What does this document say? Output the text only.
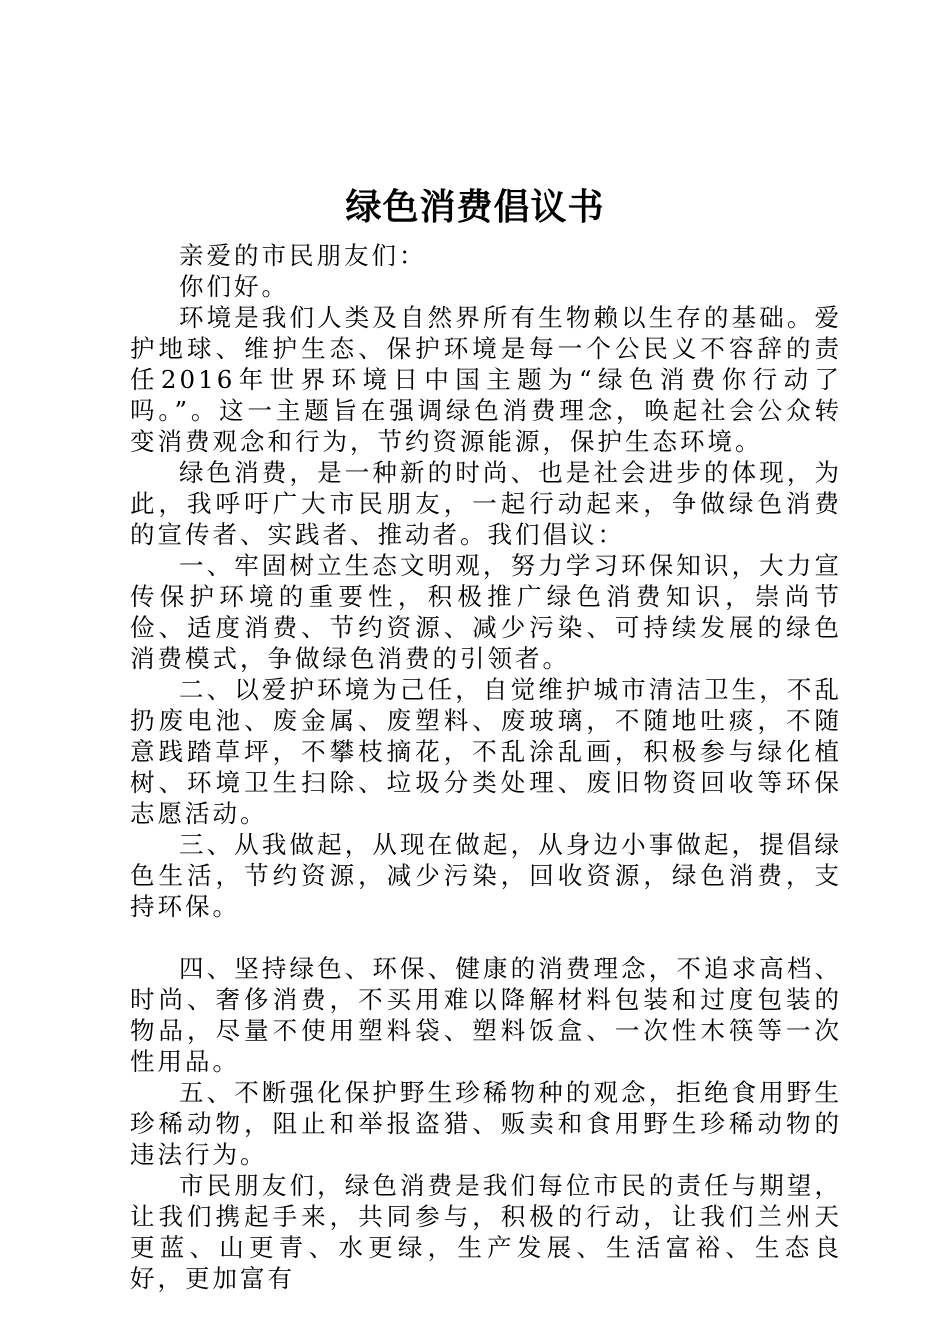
绿色消费倡议书

亲爱的市民朋友们：

你们好。

环境是我们人类及自然界所有生物赖以生存的基础。爱护地球、维护生态、保护环境是每一个公民义不容辞的责任2016年世界环境日中国主题为“绿色消费你行动了吗。”。这一主题旨在强调绿色消费理念，唤起社会公众转变消费观念和行为，节约资源能源，保护生态环境。

绿色消费，是一种新的时尚、也是社会进步的体现，为此，我呼吁广大市民朋友，一起行动起来，争做绿色消费的宣传者、实践者、推动者。我们倡议：

一、牢固树立生态文明观，努力学习环保知识，大力宣传保护环境的重要性，积极推广绿色消费知识，崇尚节俭、适度消费、节约资源、减少污染、可持续发展的绿色消费模式，争做绿色消费的引领者。

二、以爱护环境为己任，自觉维护城市清洁卫生，不乱扔废电池、废金属、废塑料、废玻璃，不随地吐痰，不随意践踏草坪，不攀枝摘花，不乱涂乱画，积极参与绿化植树、环境卫生扫除、垃圾分类处理、废旧物资回收等环保志愿活动。

三、从我做起，从现在做起，从身边小事做起，提倡绿色生活，节约资源，减少污染，回收资源，绿色消费，支持环保。

四、坚持绿色、环保、健康的消费理念，不追求高档、时尚、奢侈消费，不买用难以降解材料包装和过度包装的物品，尽量不使用塑料袋、塑料饭盒、一次性木筷等一次性用品。

五、不断强化保护野生珍稀物种的观念，拒绝食用野生珍稀动物，阻止和举报盗猎、贩卖和食用野生珍稀动物的违法行为。

市民朋友们，绿色消费是我们每位市民的责任与期望，让我们携起手来，共同参与，积极的行动，让我们兰州天更蓝、山更青、水更绿，生产发展、生活富裕、生态良好，更加富有
